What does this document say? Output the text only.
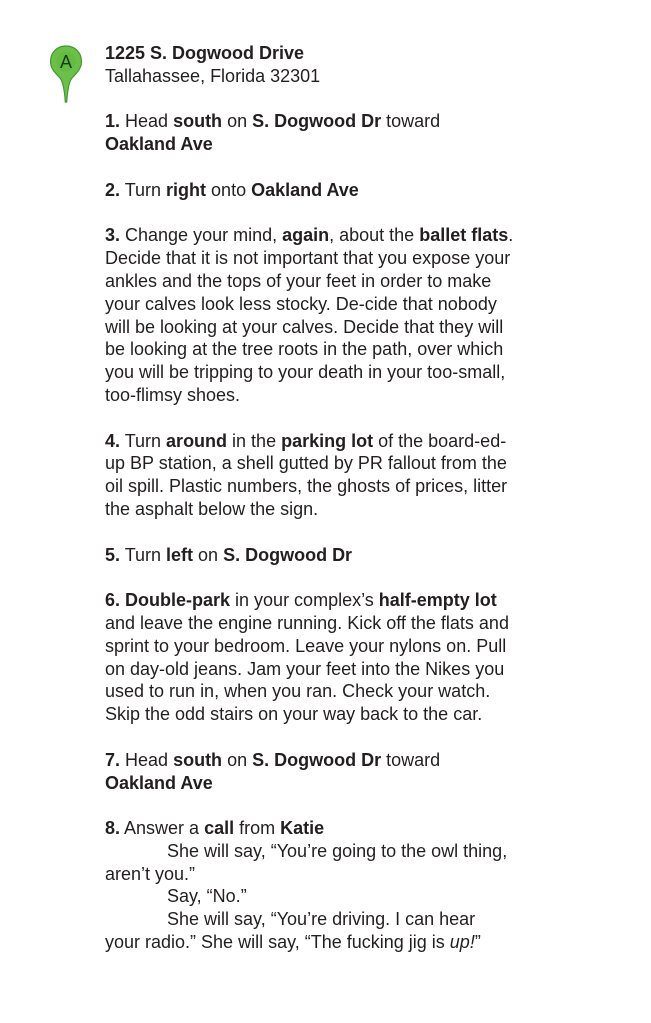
A 1225 S. Dogwood Drive
Tallahassee, Florida 32301
1. Head south on S. Dogwood Dr toward Oakland Ave
2. Turn right onto Oakland Ave
3. Change your mind, again, about the ballet flats. Decide that it is not important that you expose your ankles and the tops of your feet in order to make your calves look less stocky. De-cide that nobody will be looking at your calves. Decide that they will be looking at the tree roots in the path, over which you will be tripping to your death in your too-small, too-flimsy shoes.
4. Turn around in the parking lot of the board-ed-up BP station, a shell gutted by PR fallout from the oil spill. Plastic numbers, the ghosts of prices, litter the asphalt below the sign.
5. Turn left on S. Dogwood Dr
6. Double-park in your complex’s half-empty lot and leave the engine running. Kick off the flats and sprint to your bedroom. Leave your nylons on. Pull on day-old jeans. Jam your feet into the Nikes you used to run in, when you ran. Check your watch. Skip the odd stairs on your way back to the car.
7. Head south on S. Dogwood Dr toward Oakland Ave
8. Answer a call from Katie
She will say, “You’re going to the owl thing, aren’t you.”
Say, “No.”
She will say, “You’re driving. I can hear your radio.” She will say, “The fucking jig is up!”
